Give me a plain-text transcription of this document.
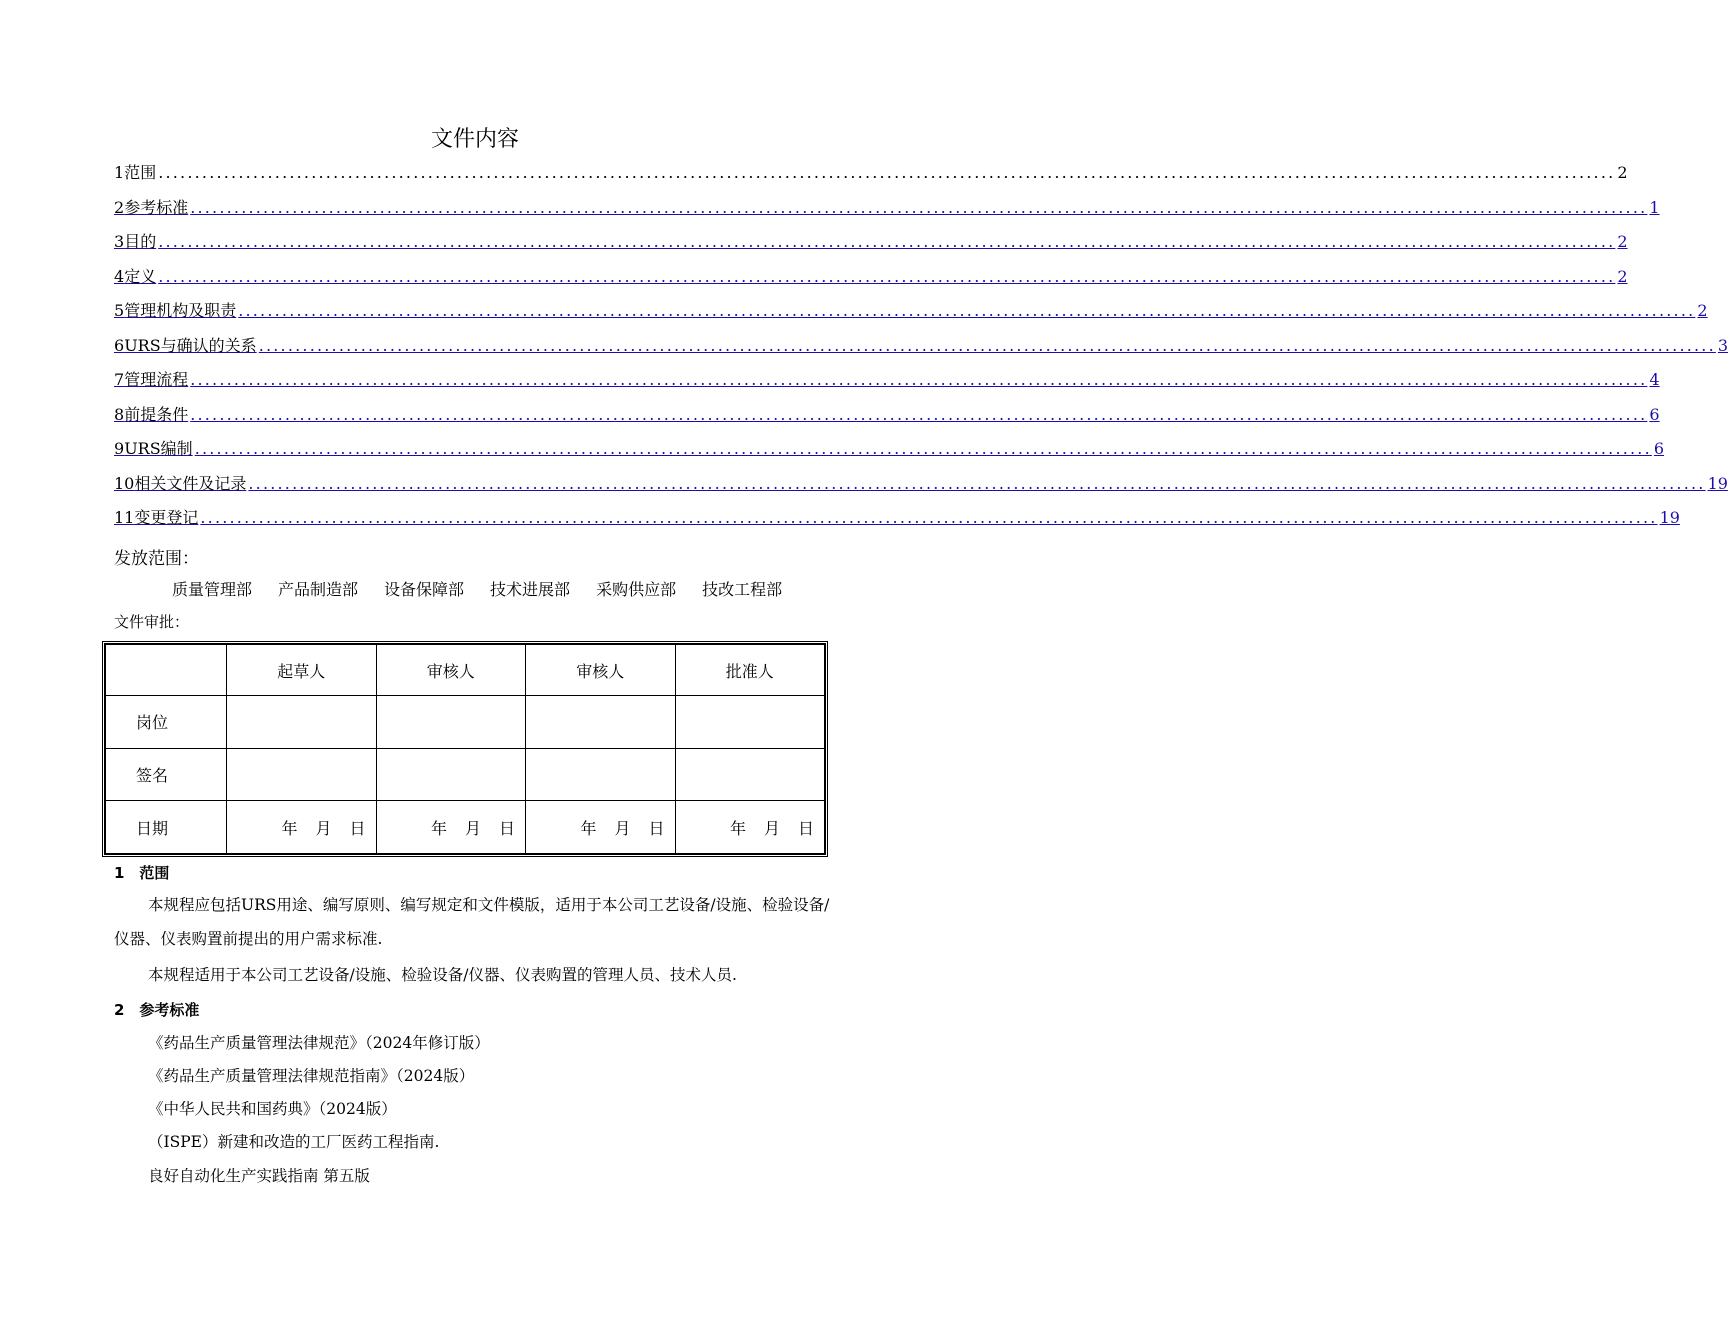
文件内容
1 范围 ........................................................................................................................................................................................................ 2
2 参考标准 ........................................................................................................................................................................................................ 1
3 目的 ........................................................................................................................................................................................................ 2
4 定义 ........................................................................................................................................................................................................ 2
5 管理机构及职责 ........................................................................................................................................................................................................ 2
6 URS与确认的关系 ........................................................................................................................................................................................................ 3
7 管理流程 ........................................................................................................................................................................................................ 4
8 前提条件 ........................................................................................................................................................................................................ 6
9 URS编制 ........................................................................................................................................................................................................ 6
10 相关文件及记录 ........................................................................................................................................................................................................ 19
11 变更登记 ........................................................................................................................................................................................................ 19
发放范围：
质量管理部 产品制造部 设备保障部 技术进展部 采购供应部 技改工程部
文件审批：
	起草人	审核人	审核人	批准人
岗位				
签名				
日期	年 月 日	年 月 日	年 月 日	年 月 日
1　范围
本规程应包括URS用途、编写原则、编写规定和文件模版，适用于本公司工艺设备/设施、检验设备/仪器、仪表购置前提出的用户需求标准.
本规程适用于本公司工艺设备/设施、检验设备/仪器、仪表购置的管理人员、技术人员.
2　参考标准
《药品生产质量管理法律规范》（2024年修订版）
《药品生产质量管理法律规范指南》（2024版）
《中华人民共和国药典》（2024版）
（ISPE）新建和改造的工厂医药工程指南.
良好自动化生产实践指南 第五版
